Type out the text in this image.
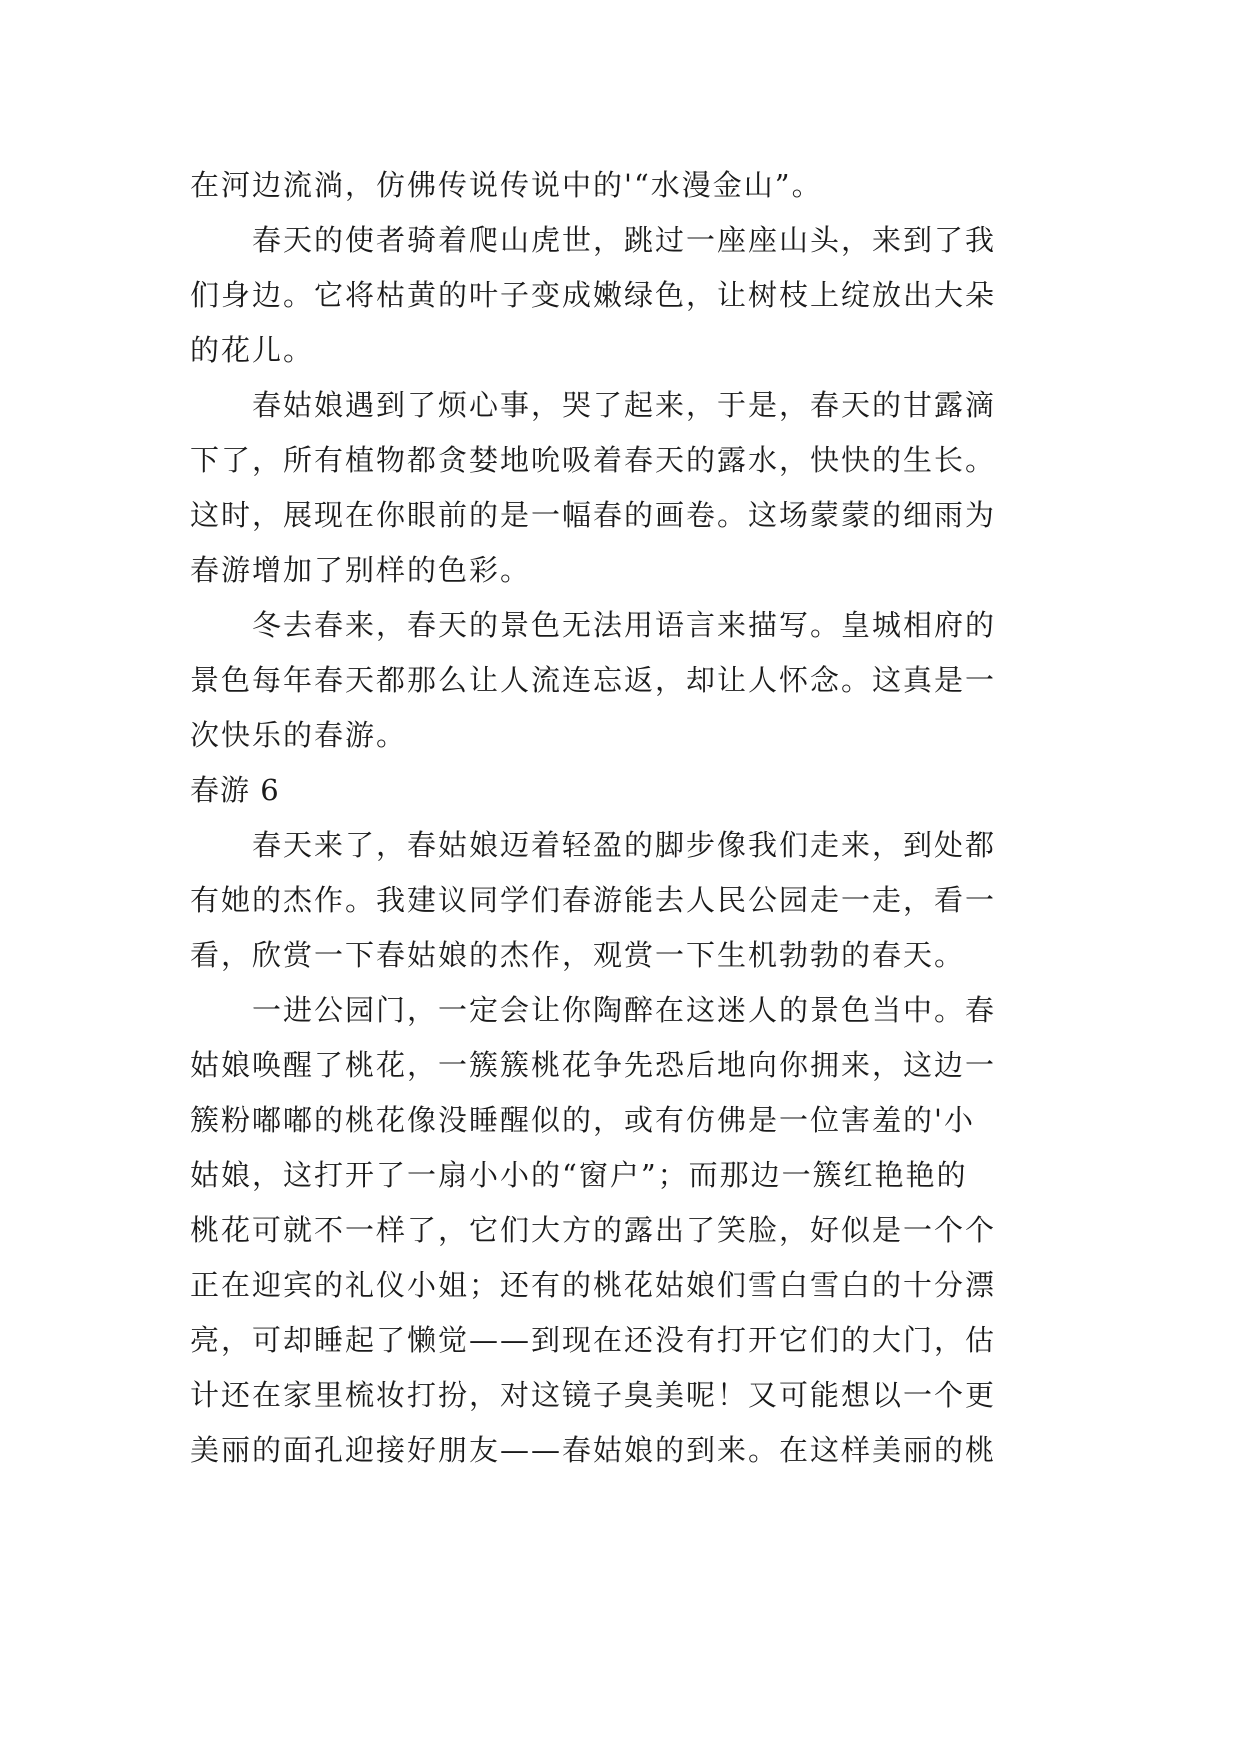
在河边流淌，仿佛传说传说中的'“水漫金山”。
春天的使者骑着爬山虎世，跳过一座座山头，来到了我
们身边。它将枯黄的叶子变成嫩绿色，让树枝上绽放出大朵
的花儿。
春姑娘遇到了烦心事，哭了起来，于是，春天的甘露滴
下了，所有植物都贪婪地吮吸着春天的露水，快快的生长。
这时，展现在你眼前的是一幅春的画卷。这场蒙蒙的细雨为
春游增加了别样的色彩。
冬去春来，春天的景色无法用语言来描写。皇城相府的
景色每年春天都那么让人流连忘返，却让人怀念。这真是一
次快乐的春游。
春游 6
春天来了，春姑娘迈着轻盈的脚步像我们走来，到处都
有她的杰作。我建议同学们春游能去人民公园走一走，看一
看，欣赏一下春姑娘的杰作，观赏一下生机勃勃的春天。
一进公园门，一定会让你陶醉在这迷人的景色当中。春
姑娘唤醒了桃花，一簇簇桃花争先恐后地向你拥来，这边一
簇粉嘟嘟的桃花像没睡醒似的，或有仿佛是一位害羞的'小
姑娘，这打开了一扇小小的“窗户”；而那边一簇红艳艳的
桃花可就不一样了，它们大方的露出了笑脸，好似是一个个
正在迎宾的礼仪小姐；还有的桃花姑娘们雪白雪白的十分漂
亮，可却睡起了懒觉——到现在还没有打开它们的大门，估
计还在家里梳妆打扮，对这镜子臭美呢！又可能想以一个更
美丽的面孔迎接好朋友——春姑娘的到来。在这样美丽的桃
